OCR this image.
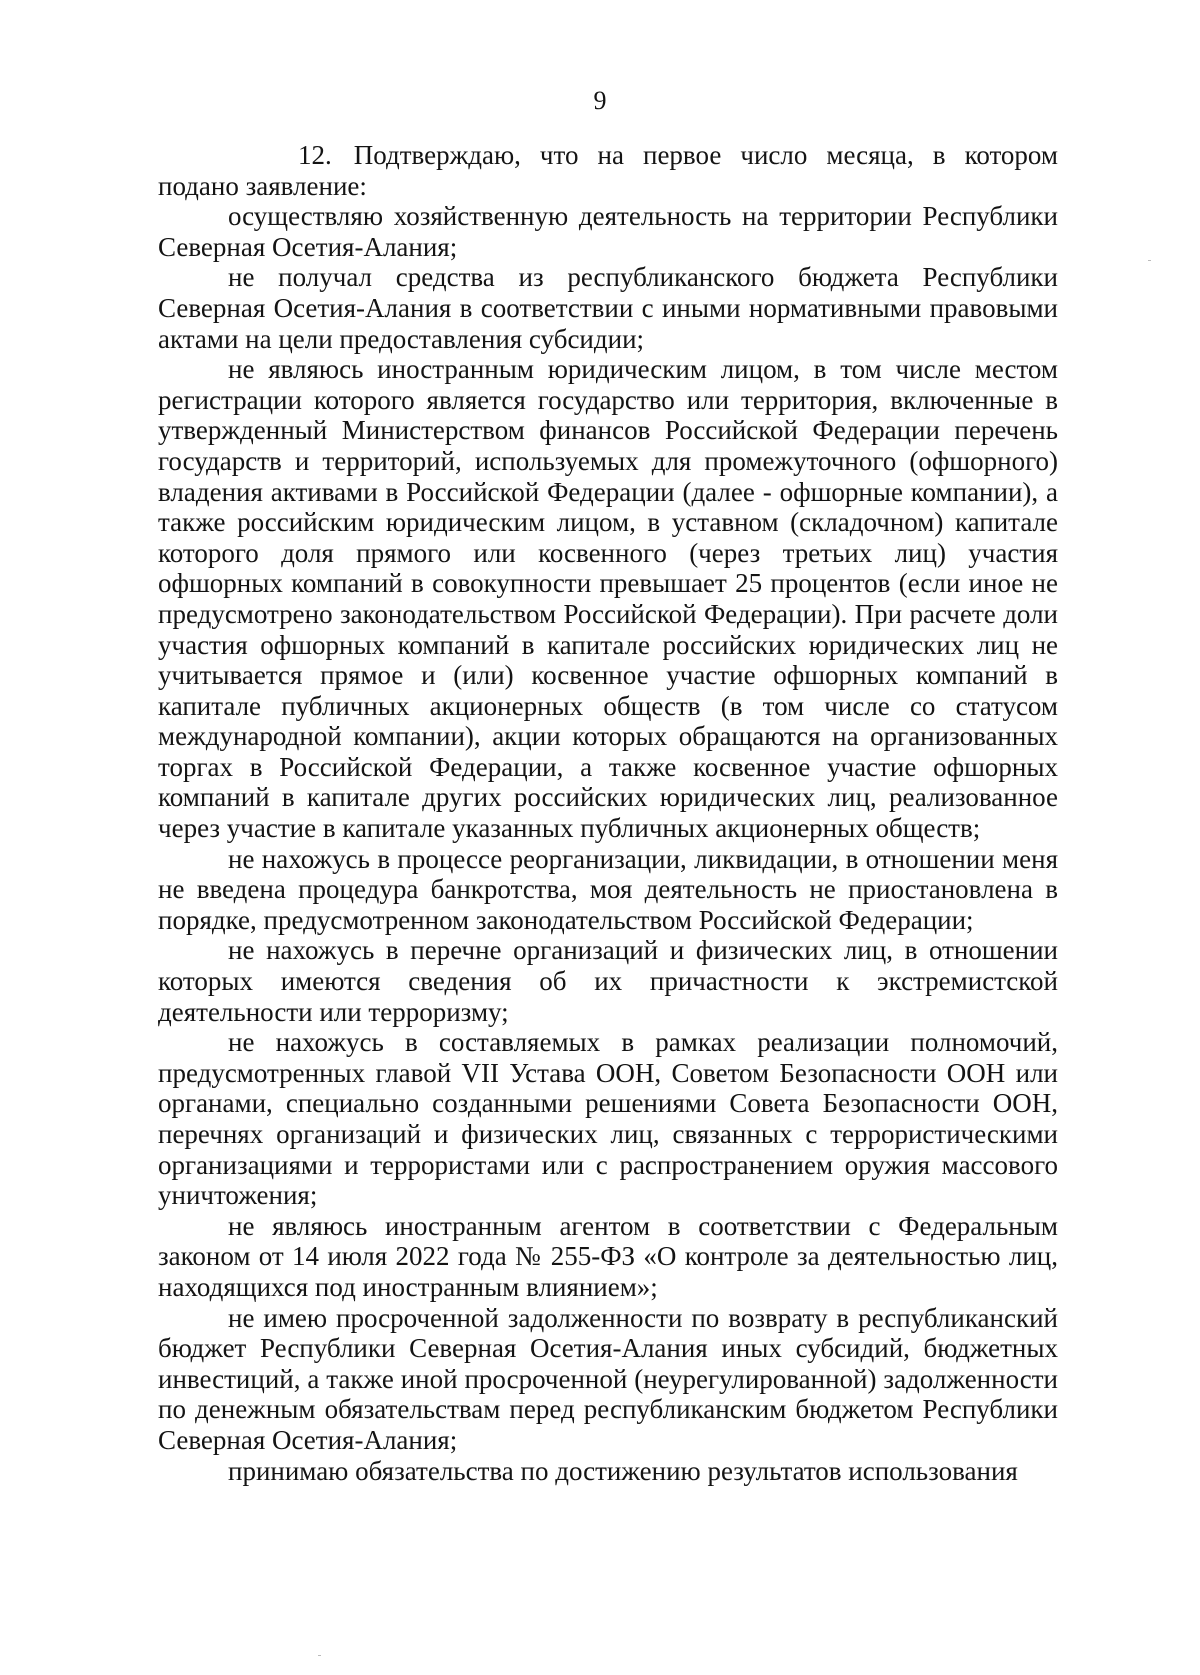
9

12. Подтверждаю, что на первое число месяца, в котором подано заявление:

осуществляю хозяйственную деятельность на территории Республики Северная Осетия-Алания;

не получал средства из республиканского бюджета Республики Северная Осетия-Алания в соответствии с иными нормативными правовыми актами на цели предоставления субсидии;

не являюсь иностранным юридическим лицом, в том числе местом регистрации которого является государство или территория, включенные в утвержденный Министерством финансов Российской Федерации перечень государств и территорий, используемых для промежуточного (офшорного) владения активами в Российской Федерации (далее - офшорные компании), а также российским юридическим лицом, в уставном (складочном) капитале которого доля прямого или косвенного (через третьих лиц) участия офшорных компаний в совокупности превышает 25 процентов (если иное не предусмотрено законодательством Российской Федерации). При расчете доли участия офшорных компаний в капитале российских юридических лиц не учитывается прямое и (или) косвенное участие офшорных компаний в капитале публичных акционерных обществ (в том числе со статусом международной компании), акции которых обращаются на организованных торгах в Российской Федерации, а также косвенное участие офшорных компаний в капитале других российских юридических лиц, реализованное через участие в капитале указанных публичных акционерных обществ;

не нахожусь в процессе реорганизации, ликвидации, в отношении меня не введена процедура банкротства, моя деятельность не приостановлена в порядке, предусмотренном законодательством Российской Федерации;

не нахожусь в перечне организаций и физических лиц, в отношении которых имеются сведения об их причастности к экстремистской деятельности или терроризму;

не нахожусь в составляемых в рамках реализации полномочий, предусмотренных главой VII Устава ООН, Советом Безопасности ООН или органами, специально созданными решениями Совета Безопасности ООН, перечнях организаций и физических лиц, связанных с террористическими организациями и террористами или с распространением оружия массового уничтожения;

не являюсь иностранным агентом в соответствии с Федеральным законом от 14 июля 2022 года № 255-ФЗ «О контроле за деятельностью лиц, находящихся под иностранным влиянием»;

не имею просроченной задолженности по возврату в республиканский бюджет Республики Северная Осетия-Алания иных субсидий, бюджетных инвестиций, а также иной просроченной (неурегулированной) задолженности по денежным обязательствам перед республиканским бюджетом Республики Северная Осетия-Алания;

принимаю обязательства по достижению результатов использования
